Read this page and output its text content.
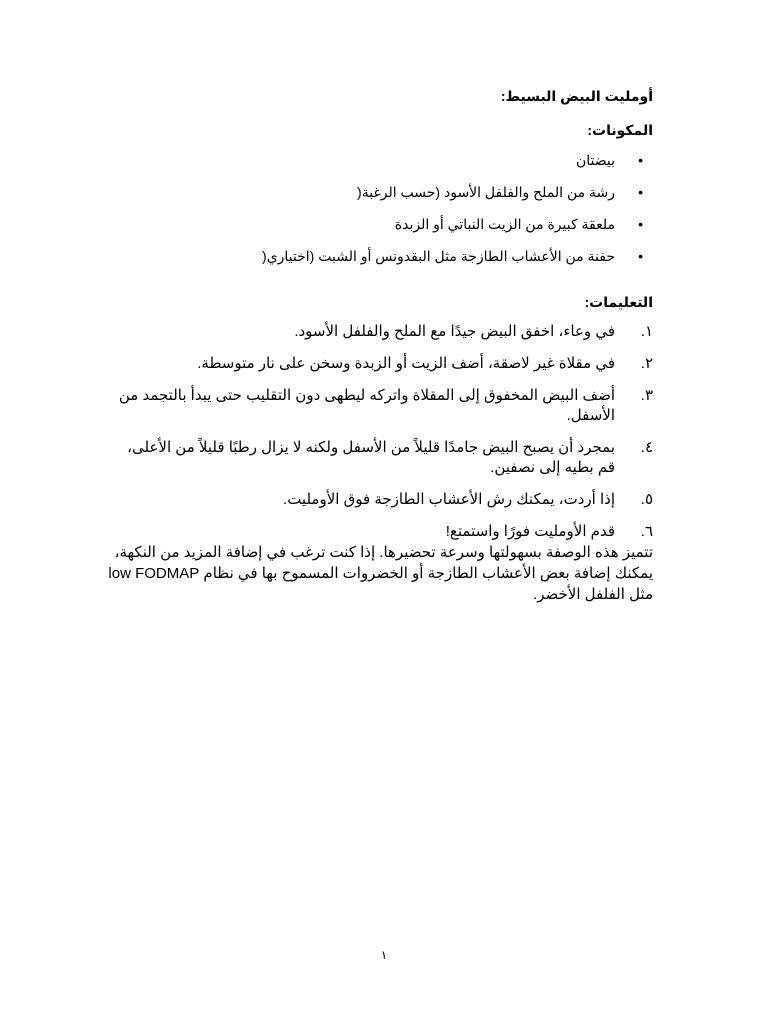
أومليت البيض البسيط:

المكونات:

•
بيضتان
•
رشة من الملح والفلفل الأسود (حسب الرغبة(
•
ملعقة كبيرة من الزيت النباتي أو الزبدة
•
حفنة من الأعشاب الطازجة مثل البقدونس أو الشبت (اختياري(

التعليمات:

١.
في وعاء، اخفق البيض جيدًا مع الملح والفلفل الأسود.
٢.
في مقلاة غير لاصقة، أضف الزيت أو الزبدة وسخن على نار متوسطة.
٣.
أضف البيض المخفوق إلى المقلاة واتركه ليطهى دون التقليب حتى يبدأ بالتجمد من الأسفل.
٤.
بمجرد أن يصبح البيض جامدًا قليلاً من الأسفل ولكنه لا يزال رطبًا قليلاً من الأعلى، قم بطيه إلى نصفين.
٥.
إذا أردت، يمكنك رش الأعشاب الطازجة فوق الأومليت.
٦.
قدم الأومليت فورًا واستمتع!

تتميز هذه الوصفة بسهولتها وسرعة تحضيرها. إذا كنت ترغب في إضافة المزيد من النكهة، يمكنك إضافة بعض الأعشاب الطازجة أو الخضروات المسموح بها في نظام low FODMAP مثل الفلفل الأخضر.

١
